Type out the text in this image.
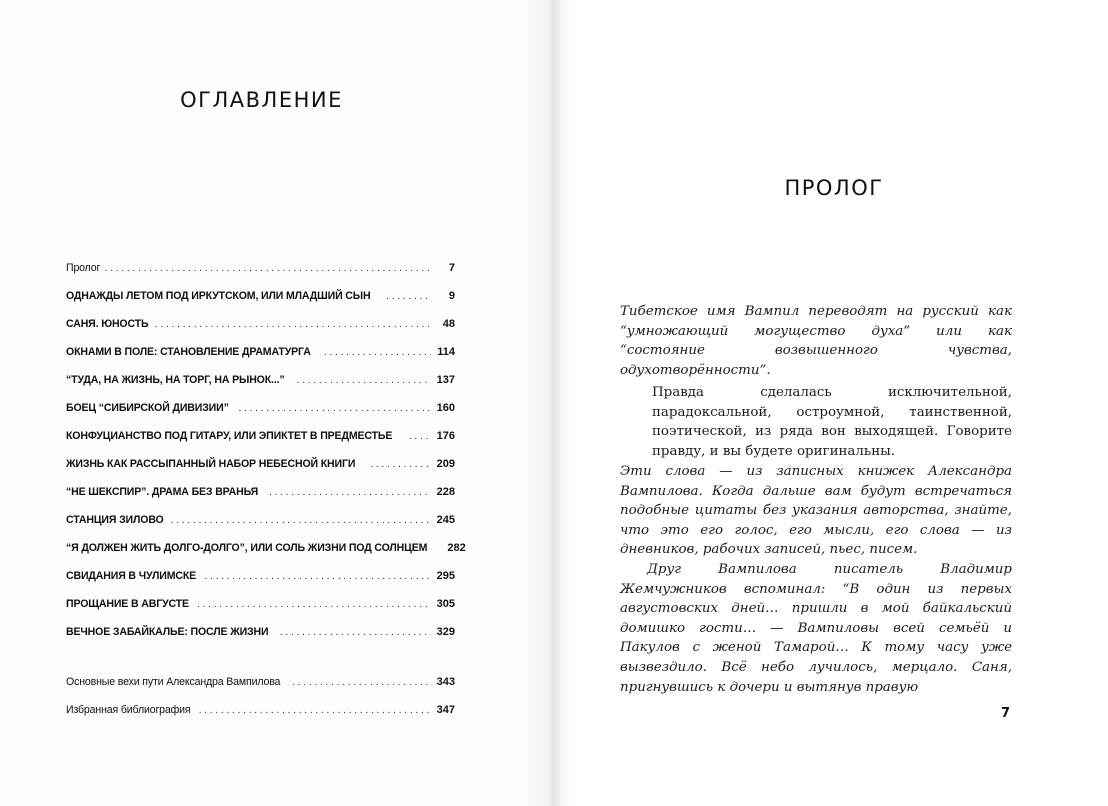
ОГЛАВЛЕНИЕ
Пролог . . .	7
ОДНАЖДЫ ЛЕТОМ ПОД ИРКУТСКОМ, ИЛИ МЛАДШИЙ СЫН . . .	9
САНЯ. ЮНОСТЬ . . .	48
ОКНАМИ В ПОЛЕ: СТАНОВЛЕНИЕ ДРАМАТУРГА . . .	114
“ТУДА, НА ЖИЗНЬ, НА ТОРГ, НА РЫНОК...” . . .	137
БОЕЦ “СИБИРСКОЙ ДИВИЗИИ” . . .	160
КОНФУЦИАНСТВО ПОД ГИТАРУ, ИЛИ ЭПИКТЕТ В ПРЕДМЕСТЬЕ . . .	176
ЖИЗНЬ КАК РАССЫПАННЫЙ НАБОР НЕБЕСНОЙ КНИГИ . . .	209
“НЕ ШЕКСПИР”. ДРАМА БЕЗ ВРАНЬЯ . . .	228
СТАНЦИЯ ЗИЛОВО . . .	245
“Я ДОЛЖЕН ЖИТЬ ДОЛГО-ДОЛГО”, ИЛИ СОЛЬ ЖИЗНИ ПОД СОЛНЦЕМ 282
СВИДАНИЯ В ЧУЛИМСКЕ . . .	295
ПРОЩАНИЕ В АВГУСТЕ . . .	305
ВЕЧНОЕ ЗАБАЙКАЛЬЕ: ПОСЛЕ ЖИЗНИ . . .	329
Основные вехи пути Александра Вампилова . . .	343
Избранная библиография . . .	347
ПРОЛОГ
Тибетское имя Вампил переводят на русский как “умножающий могущество духа” или как “состояние возвышенного чувства, одухотворённости”.
Правда сделалась исключительной, парадоксальной, остроумной, таинственной, поэтической, из ряда вон выходящей. Говорите правду, и вы будете оригинальны.
Эти слова — из записных книжек Александра Вампилова. Когда дальше вам будут встречаться подобные цитаты без указания авторства, знайте, что это его голос, его мысли, его слова — из дневников, рабочих записей, пьес, писем.
Друг Вампилова писатель Владимир Жемчужников вспоминал: “В один из первых августовских дней… пришли в мой байкальский домишко гости… — Вампиловы всей семьёй и Пакулов с женой Тамарой… К тому часу уже вызвездило. Всё небо лучилось, мерцало. Саня, пригнувшись к дочери и вытянув правую
7
